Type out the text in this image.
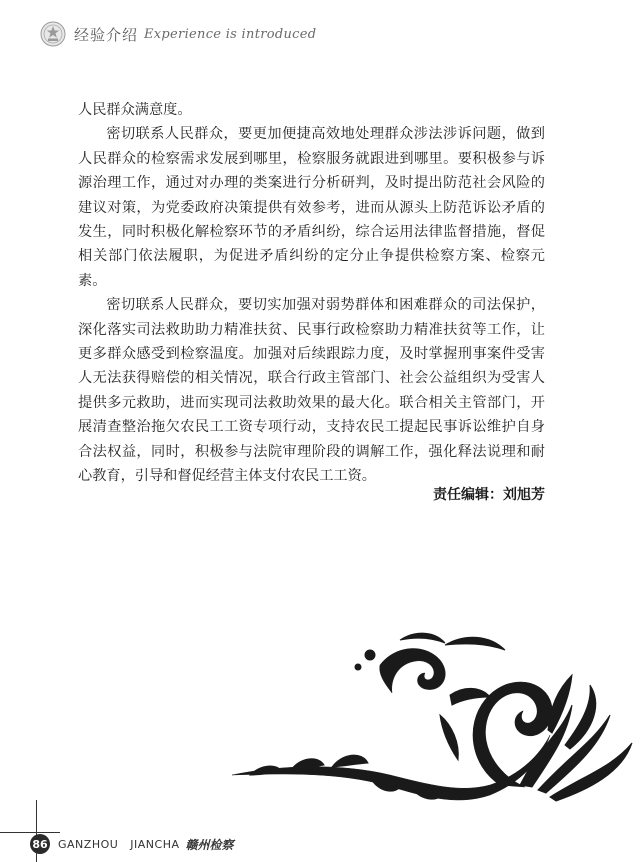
经验介绍 Experience is introduced

人民群众满意度。

密切联系人民群众，要更加便捷高效地处理群众涉法涉诉问题，做到人民群众的检察需求发展到哪里，检察服务就跟进到哪里。要积极参与诉源治理工作，通过对办理的类案进行分析研判，及时提出防范社会风险的建议对策，为党委政府决策提供有效参考，进而从源头上防范诉讼矛盾的发生，同时积极化解检察环节的矛盾纠纷，综合运用法律监督措施，督促相关部门依法履职，为促进矛盾纠纷的定分止争提供检察方案、检察元素。

密切联系人民群众，要切实加强对弱势群体和困难群众的司法保护，深化落实司法救助助力精准扶贫、民事行政检察助力精准扶贫等工作，让更多群众感受到检察温度。加强对后续跟踪力度，及时掌握刑事案件受害人无法获得赔偿的相关情况，联合行政主管部门、社会公益组织为受害人提供多元救助，进而实现司法救助效果的最大化。联合相关主管部门，开展清查整治拖欠农民工工资专项行动，支持农民工提起民事诉讼维护自身合法权益，同时，积极参与法院审理阶段的调解工作，强化释法说理和耐心教育，引导和督促经营主体支付农民工工资。

责任编辑：刘旭芳
86 GANZHOU JIANCHA 赣州检察
